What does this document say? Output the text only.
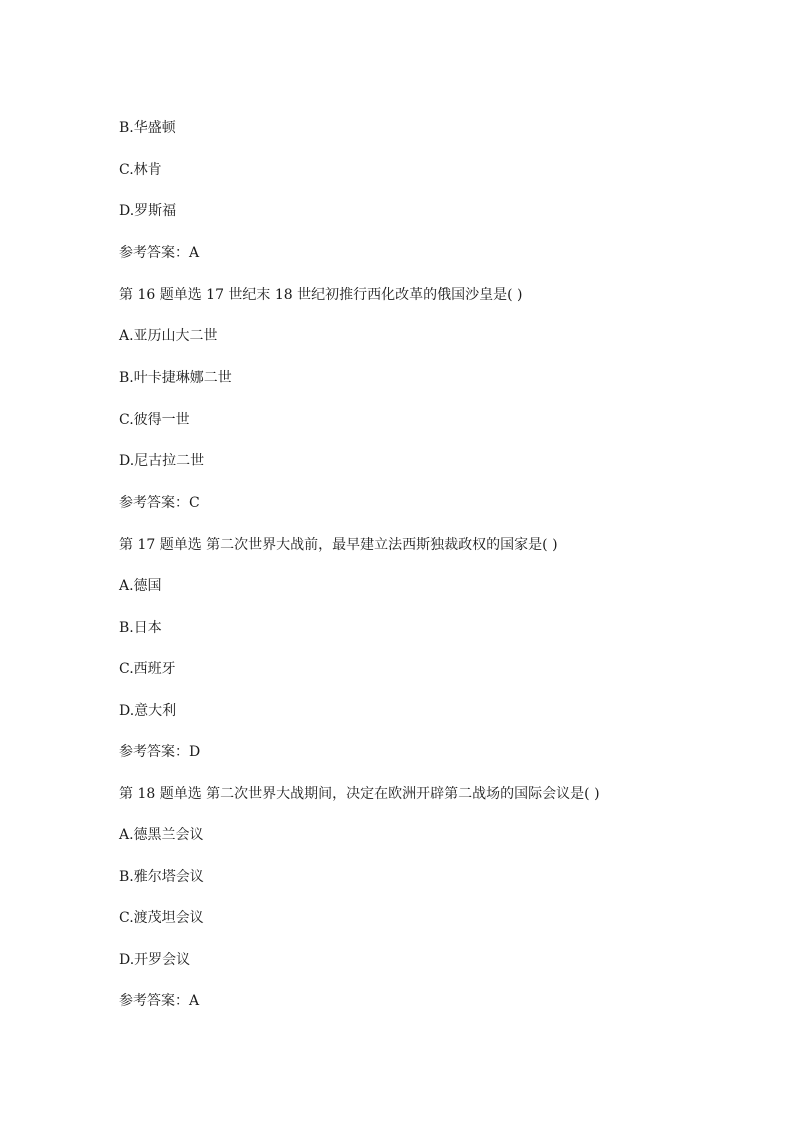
B.华盛顿
C.林肯
D.罗斯福
参考答案：A
第 16 题单选 17 世纪末 18 世纪初推行西化改革的俄国沙皇是( )
A.亚历山大二世
B.叶卡捷琳娜二世
C.彼得一世
D.尼古拉二世
参考答案：C
第 17 题单选 第二次世界大战前，最早建立法西斯独裁政权的国家是( )
A.德国
B.日本
C.西班牙
D.意大利
参考答案：D
第 18 题单选 第二次世界大战期间，决定在欧洲开辟第二战场的国际会议是( )
A.德黑兰会议
B.雅尔塔会议
C.渡茂坦会议
D.开罗会议
参考答案：A
